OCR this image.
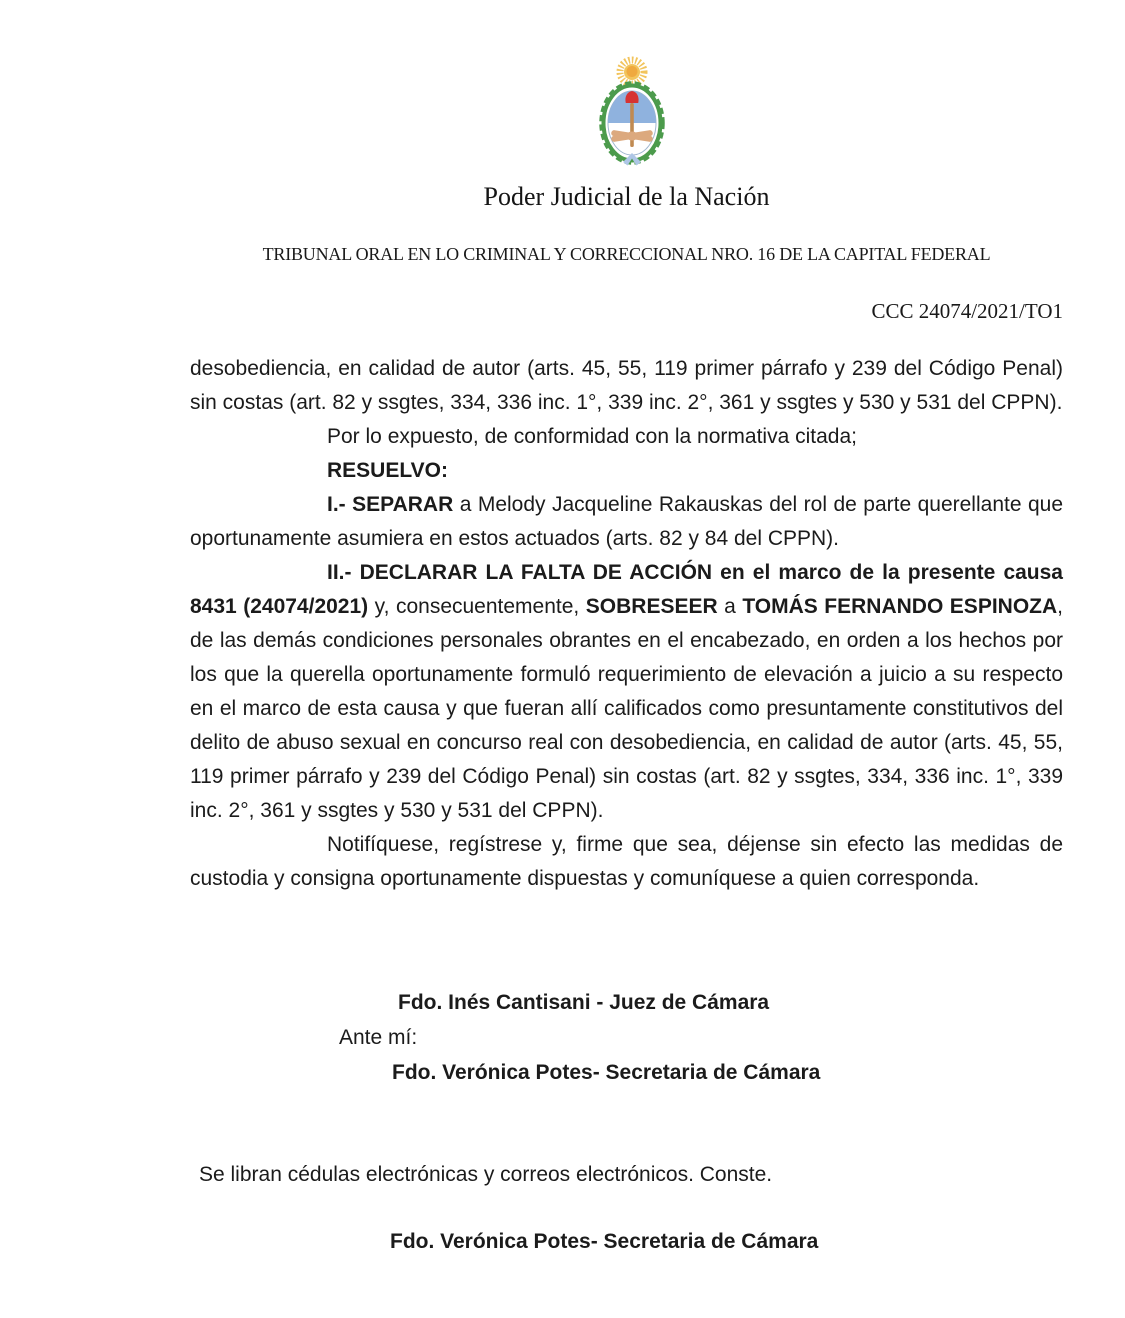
Poder Judicial de la Nación
TRIBUNAL ORAL EN LO CRIMINAL Y CORRECCIONAL NRO. 16 DE LA CAPITAL FEDERAL
CCC 24074/2021/TO1

desobediencia, en calidad de autor (arts. 45, 55, 119 primer párrafo y 239 del Código Penal) sin costas (art. 82 y ssgtes, 334, 336 inc. 1°, 339 inc. 2°, 361 y ssgtes y 530 y 531 del CPPN).

Por lo expuesto, de conformidad con la normativa citada;

RESUELVO:

I.- SEPARAR a Melody Jacqueline Rakauskas del rol de parte querellante que oportunamente asumiera en estos actuados (arts. 82 y 84 del CPPN).

II.- DECLARAR LA FALTA DE ACCIÓN en el marco de la presente causa 8431 (24074/2021) y, consecuentemente, SOBRESEER a TOMÁS FERNANDO ESPINOZA, de las demás condiciones personales obrantes en el encabezado, en orden a los hechos por los que la querella oportunamente formuló requerimiento de elevación a juicio a su respecto en el marco de esta causa y que fueran allí calificados como presuntamente constitutivos del delito de abuso sexual en concurso real con desobediencia, en calidad de autor (arts. 45, 55, 119 primer párrafo y 239 del Código Penal) sin costas (art. 82 y ssgtes, 334, 336 inc. 1°, 339 inc. 2°, 361 y ssgtes y 530 y 531 del CPPN).

Notifíquese, regístrese y, firme que sea, déjense sin efecto las medidas de custodia y consigna oportunamente dispuestas y comuníquese a quien corresponda.

Fdo. Inés Cantisani - Juez de Cámara
Ante mí:
Fdo. Verónica Potes- Secretaria de Cámara
Se libran cédulas electrónicas y correos electrónicos. Conste.
Fdo. Verónica Potes- Secretaria de Cámara
